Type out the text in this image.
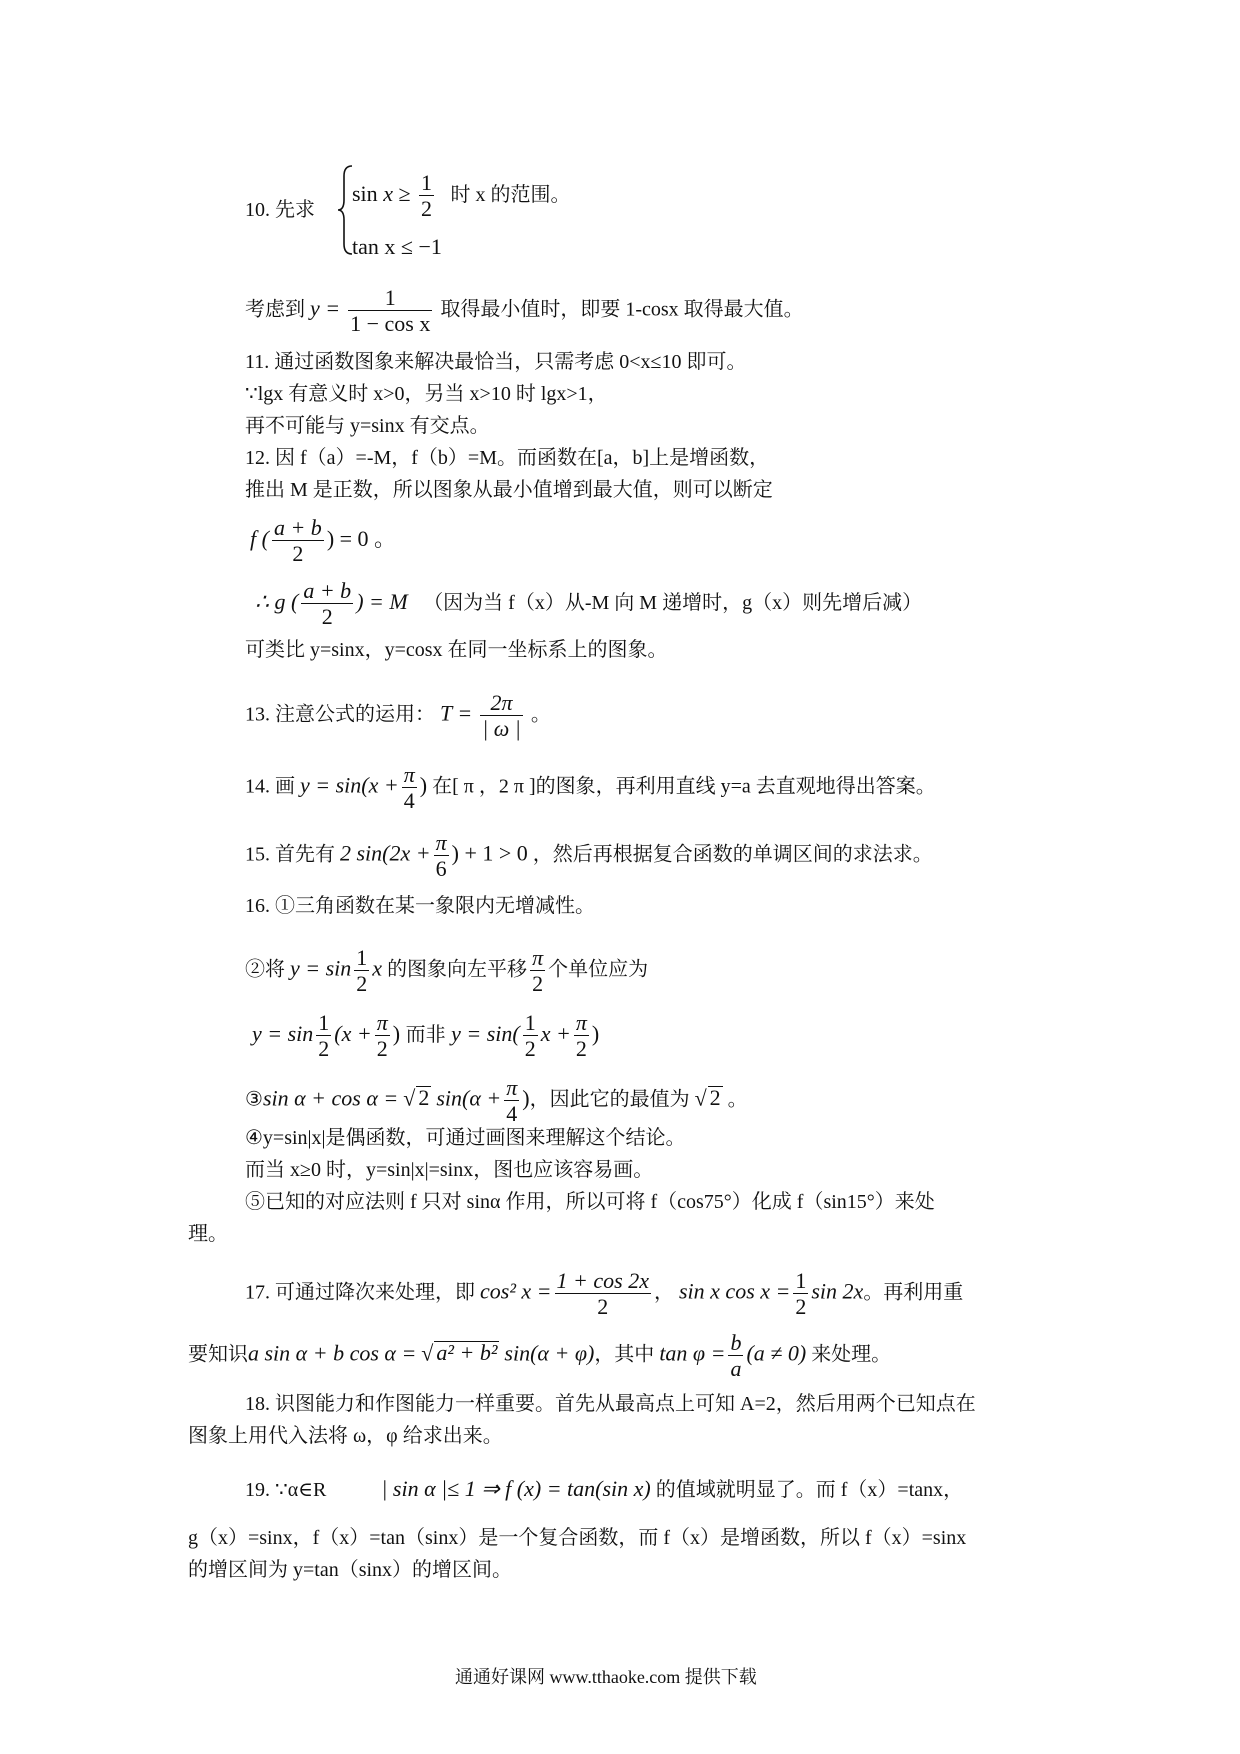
10. 先求
$\sin x \ge \frac{1}{2}$ 时 x 的范围。
tan x ≤ −1
考虑到 $y = \frac{1}{\text{1 − cos x}}$ 取得最小值时，即要 1-cosx 取得最大值。
11. 通过函数图象来解决最恰当，只需考虑 0<x≤10 即可。
∵lgx 有意义时 x>0，另当 x>10 时 lgx>1，
再不可能与 y=sinx 有交点。
12. 因 f（a）=-M，f（b）=M。而函数在[a，b]上是增函数，
推出 M 是正数，所以图象从最小值增到最大值，则可以断定
f ( $\frac{a + b}{2}$ ) = 0 。
∴ g ( $\frac{a + b}{2}$ ) = M （因为当 f（x）从-M 向 M 递增时，g（x）则先增后减）
可类比 y=sinx，y=cosx 在同一坐标系上的图象。
13. 注意公式的运用： $T = \frac{2\pi}{| \omega |}$ 。
14. 画 $y = \sin(x + \frac{\pi}{4}$ ) 在[ π ，2 π ]的图象，再利用直线 y=a 去直观地得出答案。
15. 首先有 2 $\sin(2x + \frac{\pi}{6}$ ) + 1 > 0 ，然后再根据复合函数的单调区间的求法求。
16. ①三角函数在某一象限内无增减性。
②将 $y = \sin \frac{1}{2}$ x 的图象向左平移 $\frac{\pi}{2}$ 个单位应为
$y = \sin \frac{1}{2} (x + \frac{\pi}{2}$ ) 而非 $y = \sin( \frac{1}{2}$ $x + \frac{\pi}{2}$ )
③sin α + cos α = √ 2 $\sin(\alpha + \frac{\pi}{4}$ )，因此它的最值为 √ 2 。
④y=sin|x|是偶函数，可通过画图来理解这个结论。
而当 x≥0 时，y=sin|x|=sinx，图也应该容易画。
⑤已知的对应法则 f 只对 sinα 作用，所以可将 f（cos75°）化成 f（sin15°）来处
理。
17. 可通过降次来处理，即 cos² $x = \frac{1 + \cos 2x}{2}$ ， sin x $\cos x = \frac{1}{2}$ sin 2x。再利用重
要知识a sin α + b cos α = √ a² + b² sin(α + φ)，其中 $\tan \varphi = \frac{b}{a} (a \ne 0)$ 来处理。
18. 识图能力和作图能力一样重要。首先从最高点上可知 A=2，然后用两个已知点在
图象上用代入法将 ω，φ 给求出来。
19. ∵α∈R	| sin α |≤ 1 ⇒ f (x) = tan(sin x) 的值域就明显了。而 f（x）=tanx，
g（x）=sinx，f（x）=tan（sinx）是一个复合函数，而 f（x）是增函数，所以 f（x）=sinx
的增区间为 y=tan（sinx）的增区间。
通通好课网 www.tthaoke.com 提供下载
